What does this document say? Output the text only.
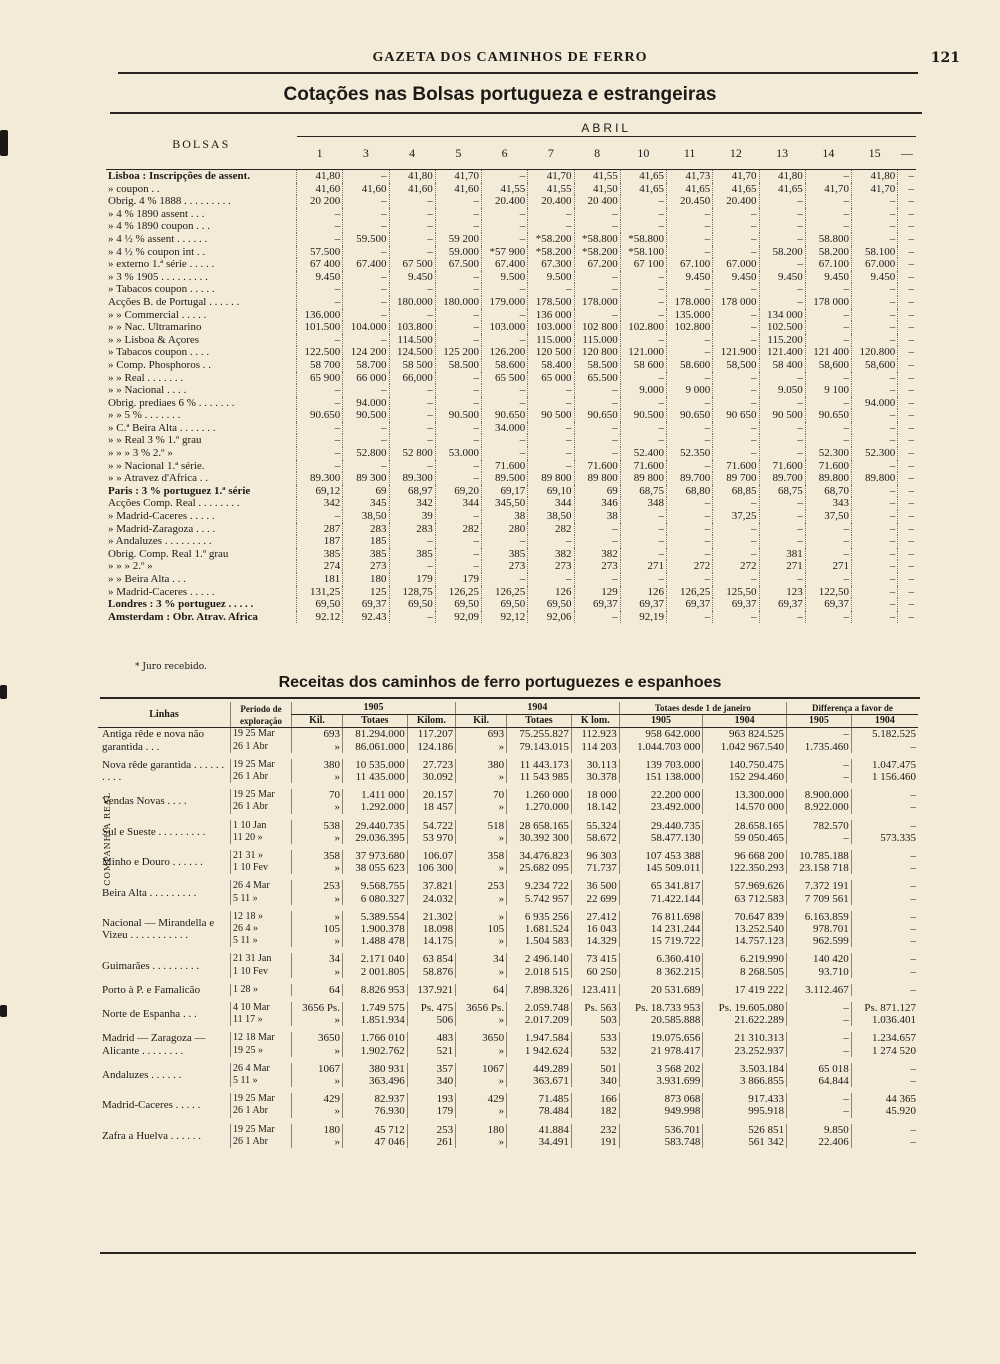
GAZETA DOS CAMINHOS DE FERRO	121
Cotações nas Bolsas portugueza e estrangeiras
BOLSAS	ABRIL													
	1	3	4	5	6	7	8	10	11	12	13	14	15	—
Lisboa : Inscripções de assent.	41,80	–	41,80	41,70	–	41,70	41,55	41,65	41,73	41,70	41,80	–	41,80	–
» coupon . .	41,60	41,60	41,60	41,60	41,55	41,55	41,50	41,65	41,65	41,65	41,65	41,70	41,70	–
Obrig. 4 % 1888 . . . . . . . . .	20 200	–	–	–	20.400	20.400	20 400	–	20.450	20.400	–	–	–	–
» 4 % 1890 assent . . .	–	–	–	–	–	–	–	–	–	–	–	–	–	–
» 4 % 1890 coupon . . .	–	–	–	–	–	–	–	–	–	–	–	–	–	–
» 4 ½ % assent . . . . . .	–	59.500	–	59 200	–	*58.200	*58.800	*58.800	–	–	–	58.800	–	–
» 4 ½ % coupon int . .	57.500	–	–	59.000	*57 900	*58.200	*58.200	*58.100	–	–	58.200	58.200	58.100	–
» externo 1.ª série . . . . .	67 400	67.400	67 500	67.500	67.400	67.300	67.200	67 100	67.100	67.000	–	67.100	67.000	–
» 3 % 1905 . . . . . . . . .	9.450	–	9.450	–	9.500	9.500	–	–	9.450	9.450	9.450	9.450	9.450	–
» Tabacos coupon . . . . .	–	–	–	–	–	–	–	–	–	–	–	–	–	–
Acções B. de Portugal . . . . . .	–	–	180.000	180.000	179.000	178.500	178.000	–	178.000	178 000	–	178 000	–	–
» » Commercial . . . . .	136.000	–	–	–	–	136 000	–	–	135.000	–	134 000	–	–	–
» » Nac. Ultramarino	101.500	104.000	103.800	–	103.000	103.000	102 800	102.800	102.800	–	102.500	–	–	–
» » Lisboa & Açores	–	–	114.500	–	–	115.000	115.000	–	–	–	115.200	–	–	–
» Tabacos coupon . . . .	122.500	124 200	124.500	125 200	126.200	120 500	120 800	121.000	–	121.900	121.400	121 400	120.800	–
» Comp. Phosphoros . .	58 700	58.700	58 500	58.500	58.600	58.400	58.500	58 600	58.600	58,500	58 400	58,600	58,600	–
» » Real . . . . . . .	65 900	66 000	66,000	–	65 500	65 000	65.500	–	–	–	–	–	–	–
» » Nacional . . . .	–	–	–	–	–	–	–	9.000	9 000	–	9.050	9 100	–	–
Obrig. prediaes 6 % . . . . . . .	–	94.000	–	–	–	–	–	–	–	–	–	–	94.000	–
» » 5 % . . . . . . .	90.650	90.500	–	90.500	90.650	90 500	90.650	90.500	90.650	90 650	90 500	90.650	–	–
» C.ª Beira Alta . . . . . . .	–	–	–	–	34.000	–	–	–	–	–	–	–	–	–
» » Real 3 % 1.º grau	–	–	–	–	–	–	–	–	–	–	–	–	–	–
» » » 3 % 2.º »	–	52.800	52 800	53.000	–	–	–	52.400	52.350	–	–	52.300	52.300	–
» » Nacional 1.ª série.	–	–	–	–	71.600	–	71.600	71.600	–	71.600	71.600	71.600	–	–
» » Atravez d'Africa . .	89.300	89 300	89.300	–	89.500	89 800	89 800	89 800	89.700	89 700	89.700	89.800	89.800	–
Paris : 3 % portuguez 1.ª série	69,12	69	68,97	69,20	69,17	69,10	69	68,75	68,80	68,85	68,75	68,70	–	–
Acções Comp. Real . . . . . . . .	342	345	342	344	345,50	344	346	348	–	–	–	343	–	–
» Madrid-Caceres . . . . .	–	38,50	39	–	38	38,50	38	–	–	37,25	–	37,50	–	–
» Madrid-Zaragoza . . . .	287	283	283	282	280	282	–	–	–	–	–	–	–	–
» Andaluzes . . . . . . . . .	187	185	–	–	–	–	–	–	–	–	–	–	–	–
Obrig. Comp. Real 1.º grau	385	385	385	–	385	382	382	–	–	–	381	–	–	–
» » » 2.º »	274	273	–	–	273	273	273	271	272	272	271	271	–	–
» » Beira Alta . . .	181	180	179	179	–	–	–	–	–	–	–	–	–	–
» Madrid-Caceres . . . . .	131,25	125	128,75	126,25	126,25	126	129	126	126,25	125,50	123	122,50	–	–
Londres : 3 % portuguez . . . . .	69,50	69,37	69,50	69,50	69,50	69,50	69,37	69,37	69,37	69,37	69,37	69,37	–	–
Amsterdam : Obr. Atrav. Africa	92.12	92.43	–	92,09	92,12	92,06	–	92,19	–	–	–	–	–	–
* Juro recebido.
Receitas dos caminhos de ferro portuguezes e espanhoes
Linhas	Periodo de exploração	1905			1904			Totaes desde 1 de janeiro		Differença a favor de	
		Kil.	Totaes	Kilom.	Kil.	Totaes	K lom.	1905	1904	1905	1904
Antiga rêde e nova não garantida . . .	19 25 Mar	693	81.294.000	117.207	693	75.255.827	112.923	958 642.000	963 824.525	–	5.182.525
	26 1 Abr	»	86.061.000	124.186	»	79.143.015	114 203	1.044.703 000	1.042 967.540	1.735.460	–

Nova rêde garantida . . . . . . . . . .	19 25 Mar	380	10 535.000	27.723	380	11 443.173	30.113	139 703.000	140.750.475	–	1.047.475
	26 1 Abr	»	11 435.000	30.092	»	11 543 985	30.378	151 138.000	152 294.460	–	1 156.460

Vendas Novas . . . .	19 25 Mar	70	1.411 000	20.157	70	1.260 000	18 000	22.200 000	13.300.000	8.900.000	–
	26 1 Abr	»	1.292.000	18 457	»	1.270.000	18.142	23.492.000	14.570 000	8.922.000	–

Sul e Sueste . . . . . . . . .	1 10 Jan	538	29.440.735	54.722	518	28 658.165	55.324	29.440.735	28.658.165	782.570	–
	11 20 »	»	29.036.395	53 970	»	30.392 300	58.672	58.477.130	59 050.465	–	573.335

Minho e Douro . . . . . .	21 31 »	358	37 973.680	106.07	358	34.476.823	96 303	107 453 388	96 668 200	10.785.188	–
	1 10 Fev	»	38 055 623	106 300	»	25.682 095	71.737	145 509.011	122.350.293	23.158 718	–

Beira Alta . . . . . . . . .	26 4 Mar	253	9.568.755	37.821	253	9.234 722	36 500	65 341.817	57.969.626	7.372 191	–
	5 11 »	»	6 080.327	24.032	»	5.742 957	22 699	71.422.144	63 712.583	7 709 561	–

Nacional — Mirandella e Vizeu . . . . . . . . . . .	12 18 »	»	5.389.554	21.302	»	6 935 256	27.412	76 811.698	70.647 839	6.163.859	–
	26 4 »	105	1.900.378	18.098	105	1.681.524	16 043	14 231.244	13.252.540	978.701	–
	5 11 »	»	1.488 478	14.175	»	1.504 583	14.329	15 719.722	14.757.123	962.599	–

Guimarães . . . . . . . . .	21 31 Jan	34	2.171 040	63 854	34	2 496.140	73 415	6.360.410	6.219.990	140 420	–
	1 10 Fev	»	2 001.805	58.876	»	2.018 515	60 250	8 362.215	8 268.505	93.710	–

Porto à P. e Famalicão	1 28 »	64	8.826 953	137.921	64	7.898.326	123.411	20 531.689	17 419 222	3.112.467	–

Norte de Espanha . . .	4 10 Mar	3656 Ps.	1.749 575	Ps. 475	3656 Ps.	2.059.748	Ps. 563	Ps. 18.733 953	Ps. 19.605.080	–	Ps. 871.127
	11 17 »	»	1.851.934	506	»	2.017.209	503	20.585.888	21.622.289	–	1.036.401

Madrid — Zaragoza — Alicante . . . . . . . .	12 18 Mar	3650	1.766 010	483	3650	1.947.584	533	19.075.656	21 310.313	–	1.234.657
	19 25 »	»	1.902.762	521	»	1 942.624	532	21 978.417	23.252.937	–	1 274 520

Andaluzes . . . . . .	26 4 Mar	1067	380 931	357	1067	449.289	501	3 568 202	3.503.184	65 018	–
	5 11 »	»	363.496	340	»	363.671	340	3.931.699	3 866.855	64.844	–

Madrid-Caceres . . . . .	19 25 Mar	429	82.937	193	429	71.485	166	873 068	917.433	–	44 365
	26 1 Abr	»	76.930	179	»	78.484	182	949.998	995.918	–	45.920

Zafra a Huelva . . . . . .	19 25 Mar	180	45 712	253	180	41.884	232	536.701	526 851	9.850	–
	26 1 Abr	»	47 046	261	»	34.491	191	583.748	561 342	22.406	–

COMPANHIA REAL
